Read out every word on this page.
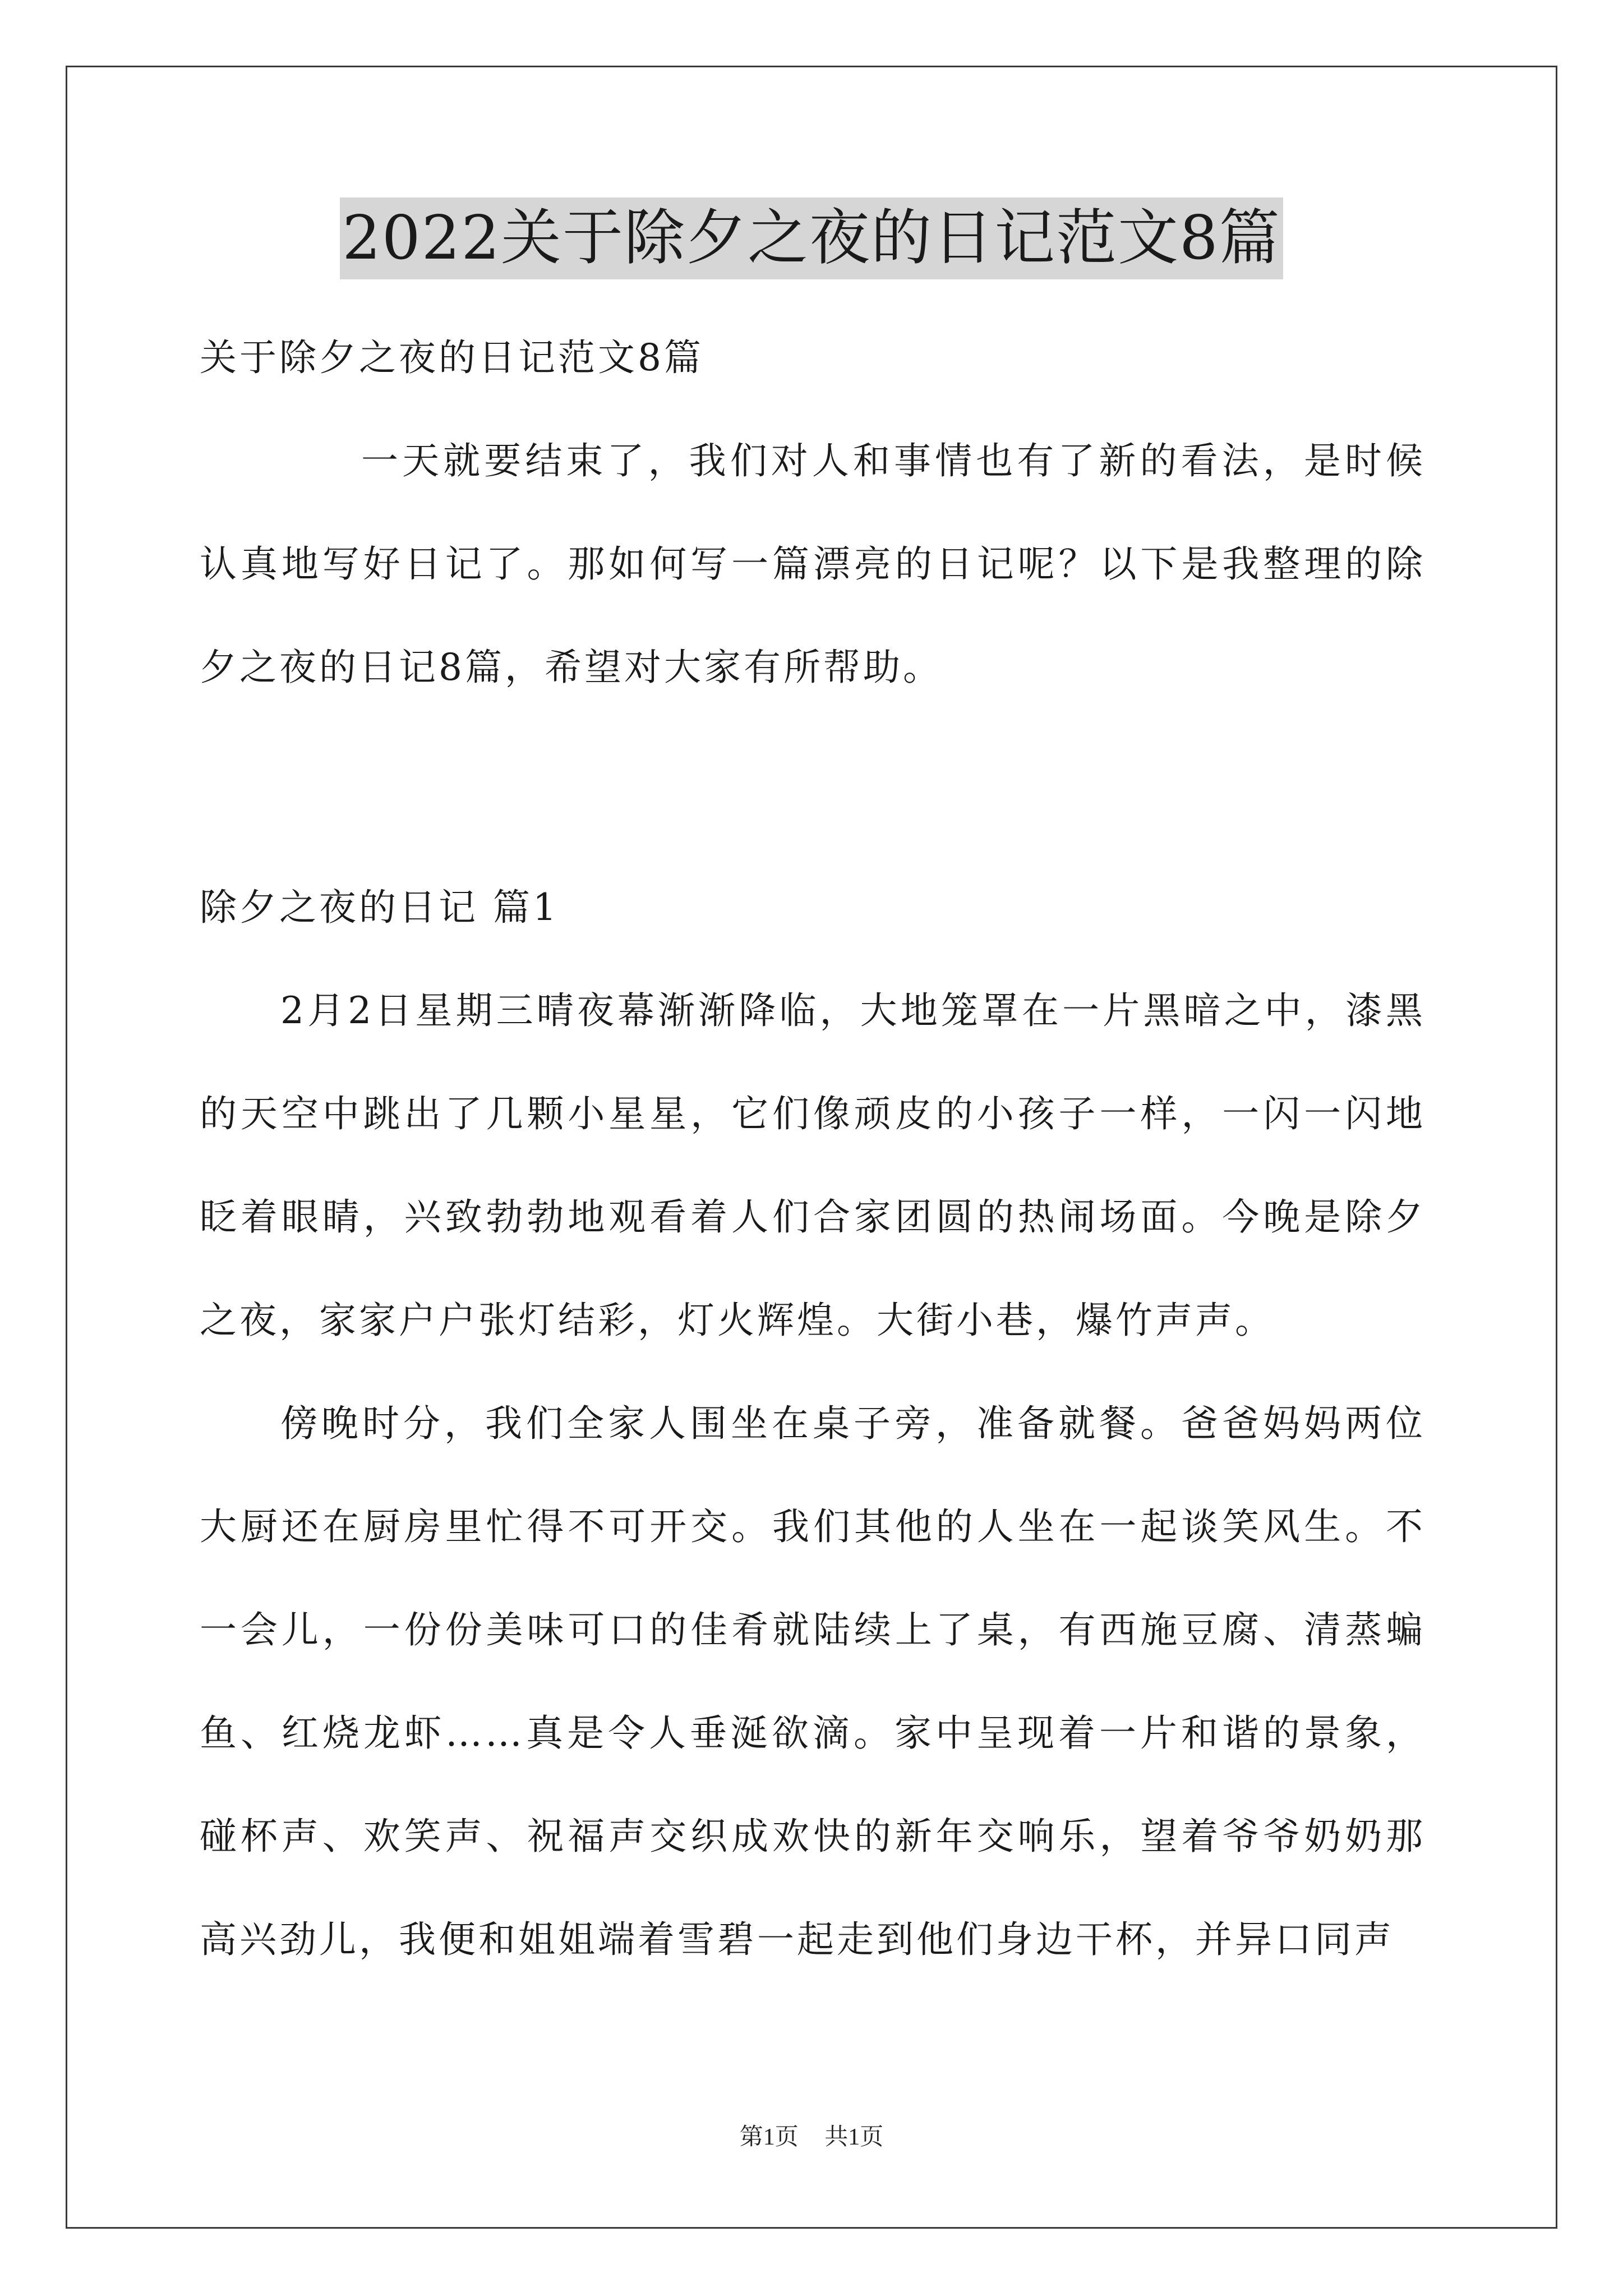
2022关于除夕之夜的日记范文8篇

关于除夕之夜的日记范文8篇

一天就要结束了，我们对人和事情也有了新的看法，是时候认真地写好日记了。那如何写一篇漂亮的日记呢？以下是我整理的除夕之夜的日记8篇，希望对大家有所帮助。

除夕之夜的日记 篇1

2月2日星期三晴夜幕渐渐降临，大地笼罩在一片黑暗之中，漆黑的天空中跳出了几颗小星星，它们像顽皮的小孩子一样，一闪一闪地眨着眼睛，兴致勃勃地观看着人们合家团圆的热闹场面。今晚是除夕之夜，家家户户张灯结彩，灯火辉煌。大街小巷，爆竹声声。

傍晚时分，我们全家人围坐在桌子旁，准备就餐。爸爸妈妈两位大厨还在厨房里忙得不可开交。我们其他的人坐在一起谈笑风生。不一会儿，一份份美味可口的佳肴就陆续上了桌，有西施豆腐、清蒸蝙鱼、红烧龙虾……真是令人垂涎欲滴。家中呈现着一片和谐的景象，碰杯声、欢笑声、祝福声交织成欢快的新年交响乐，望着爷爷奶奶那高兴劲儿，我便和姐姐端着雪碧一起走到他们身边干杯，并异口同声

第1页 共1页
